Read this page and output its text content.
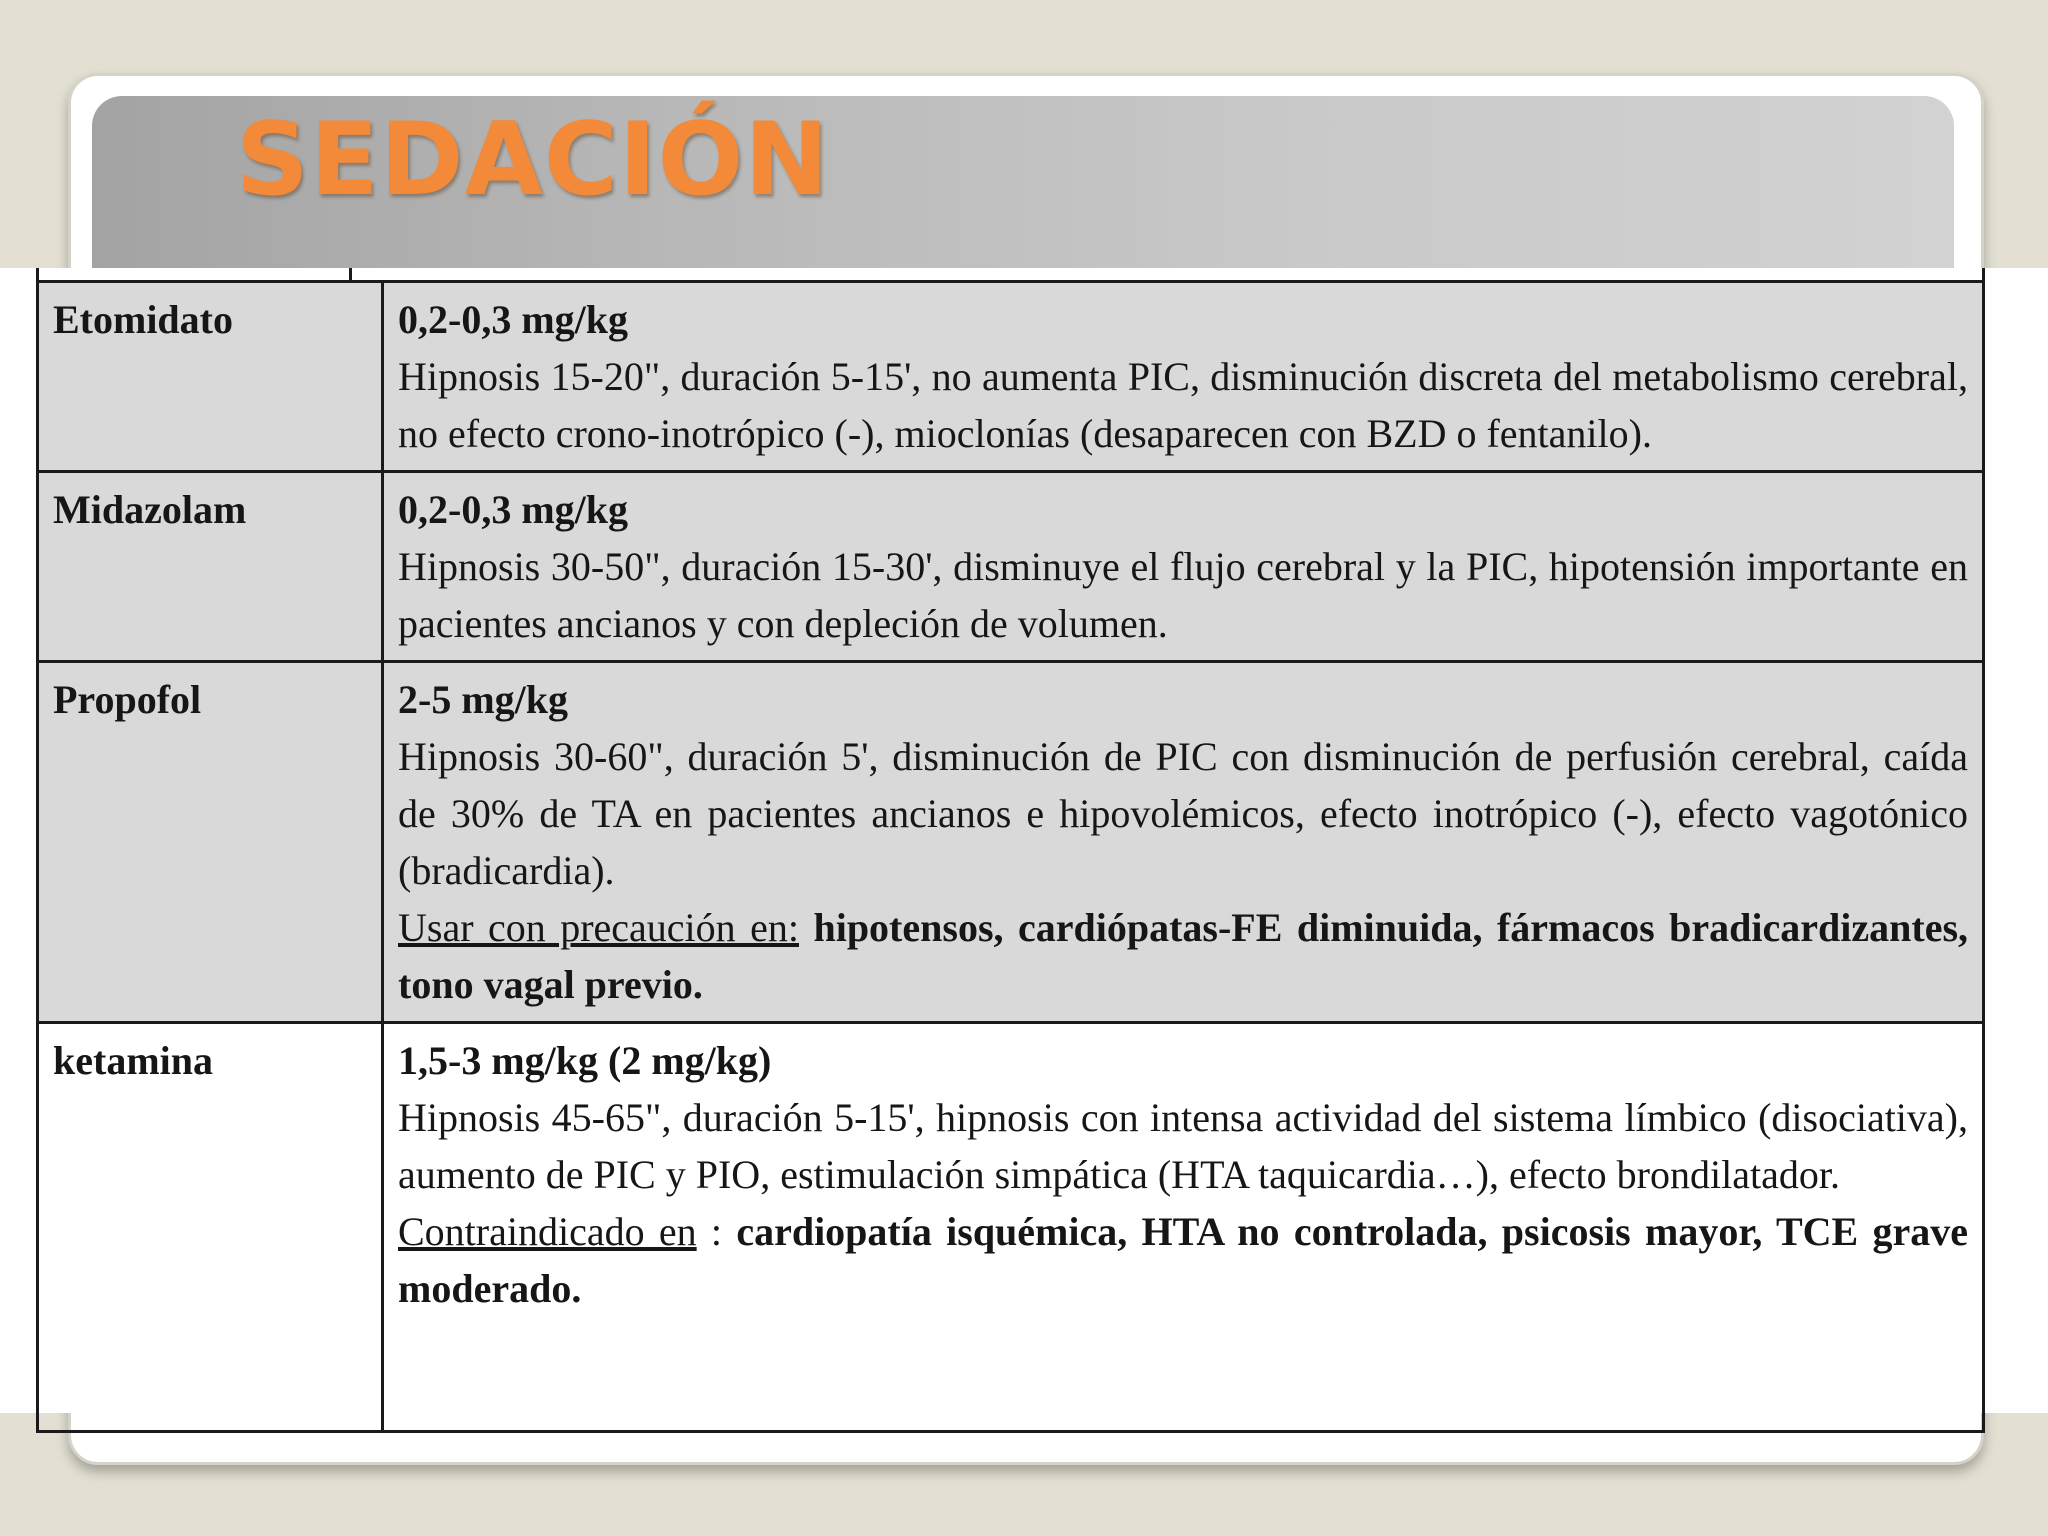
SEDACIÓN
Etomidato	0,2-0,3 mg/kg
Hipnosis 15-20", duración 5-15', no aumenta PIC, disminución discreta del metabolismo cerebral, no efecto crono-inotrópico (-), mioclonías (desaparecen con BZD o fentanilo).

Midazolam	0,2-0,3 mg/kg
Hipnosis 30-50", duración 15-30', disminuye el flujo cerebral y la PIC, hipotensión importante en pacientes ancianos y con depleción de volumen.

Propofol	2-5 mg/kg
Hipnosis 30-60", duración 5', disminución de PIC con disminución de perfusión cerebral, caída de 30% de TA en pacientes ancianos e hipovolémicos, efecto inotrópico (-), efecto vagotónico (bradicardia).
Usar con precaución en: hipotensos, cardiópatas-FE diminuida, fármacos bradicardizantes, tono vagal previo.

ketamina	1,5-3 mg/kg (2 mg/kg)
Hipnosis 45-65", duración 5-15', hipnosis con intensa actividad del sistema límbico (disociativa), aumento de PIC y PIO, estimulación simpática (HTA taquicardia…), efecto brondilatador.
Contraindicado en : cardiopatía isquémica, HTA no controlada, psicosis mayor, TCE grave moderado.
